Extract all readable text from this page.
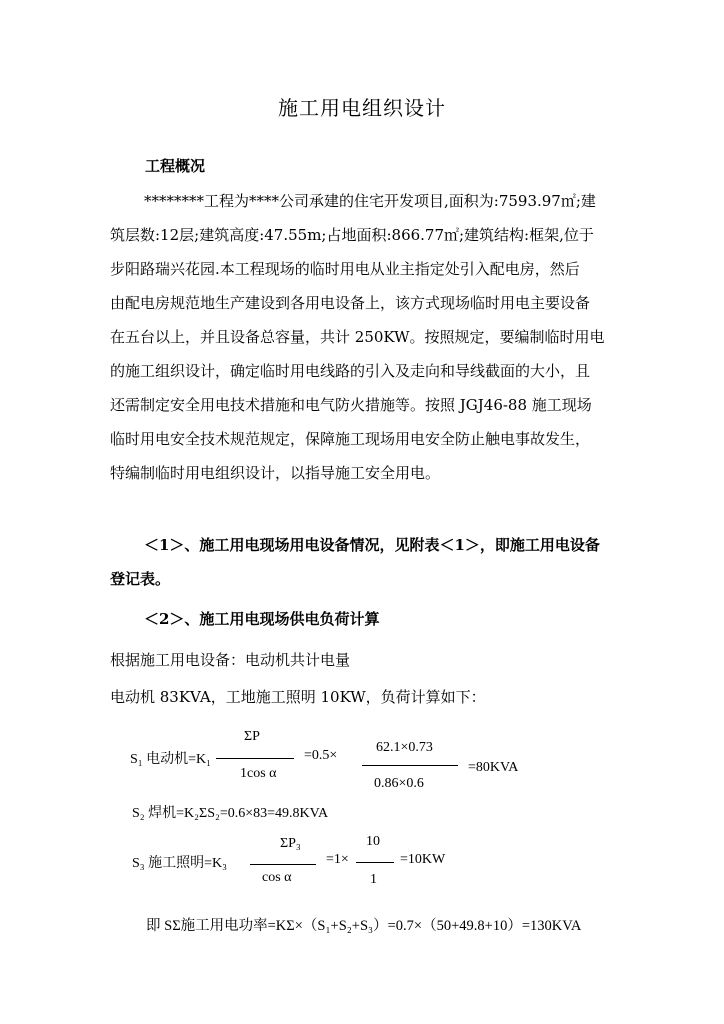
施工用电组织设计
工程概况
********工程为****公司承建的住宅开发项目,面积为:7593.97㎡;建
筑层数:12层;建筑高度:47.55m;占地面积:866.77㎡;建筑结构:框架,位于
步阳路瑞兴花园.本工程现场的临时用电从业主指定处引入配电房，然后
由配电房规范地生产建设到各用电设备上，该方式现场临时用电主要设备
在五台以上，并且设备总容量，共计 250KW。按照规定，要编制临时用电
的施工组织设计，确定临时用电线路的引入及走向和导线截面的大小，且
还需制定安全用电技术措施和电气防火措施等。按照 JGJ46-88 施工现场
临时用电安全技术规范规定，保障施工现场用电安全防止触电事故发生，
特编制临时用电组织设计，以指导施工安全用电。
＜1＞、施工用电现场用电设备情况，见附表＜1＞，即施工用电设备
登记表。
＜2＞、施工用电现场供电负荷计算
根据施工用电设备：电动机共计电量
电动机 83KVA，工地施工照明 10KW，负荷计算如下：
S₁ 电动机=K₁
ΣP
1cos α
=0.5×
62.1×0.73
0.86×0.6
=80KVA
S₂ 焊机=K₂ΣS₂=0.6×83=49.8KVA
S₃ 施工照明=K₃
ΣP₃
cos α
=1×
10
1
=10KW
即 SΣ施工用电功率=KΣ×（S₁+S₂+S₃）=0.7×（50+49.8+10）=130KVA
